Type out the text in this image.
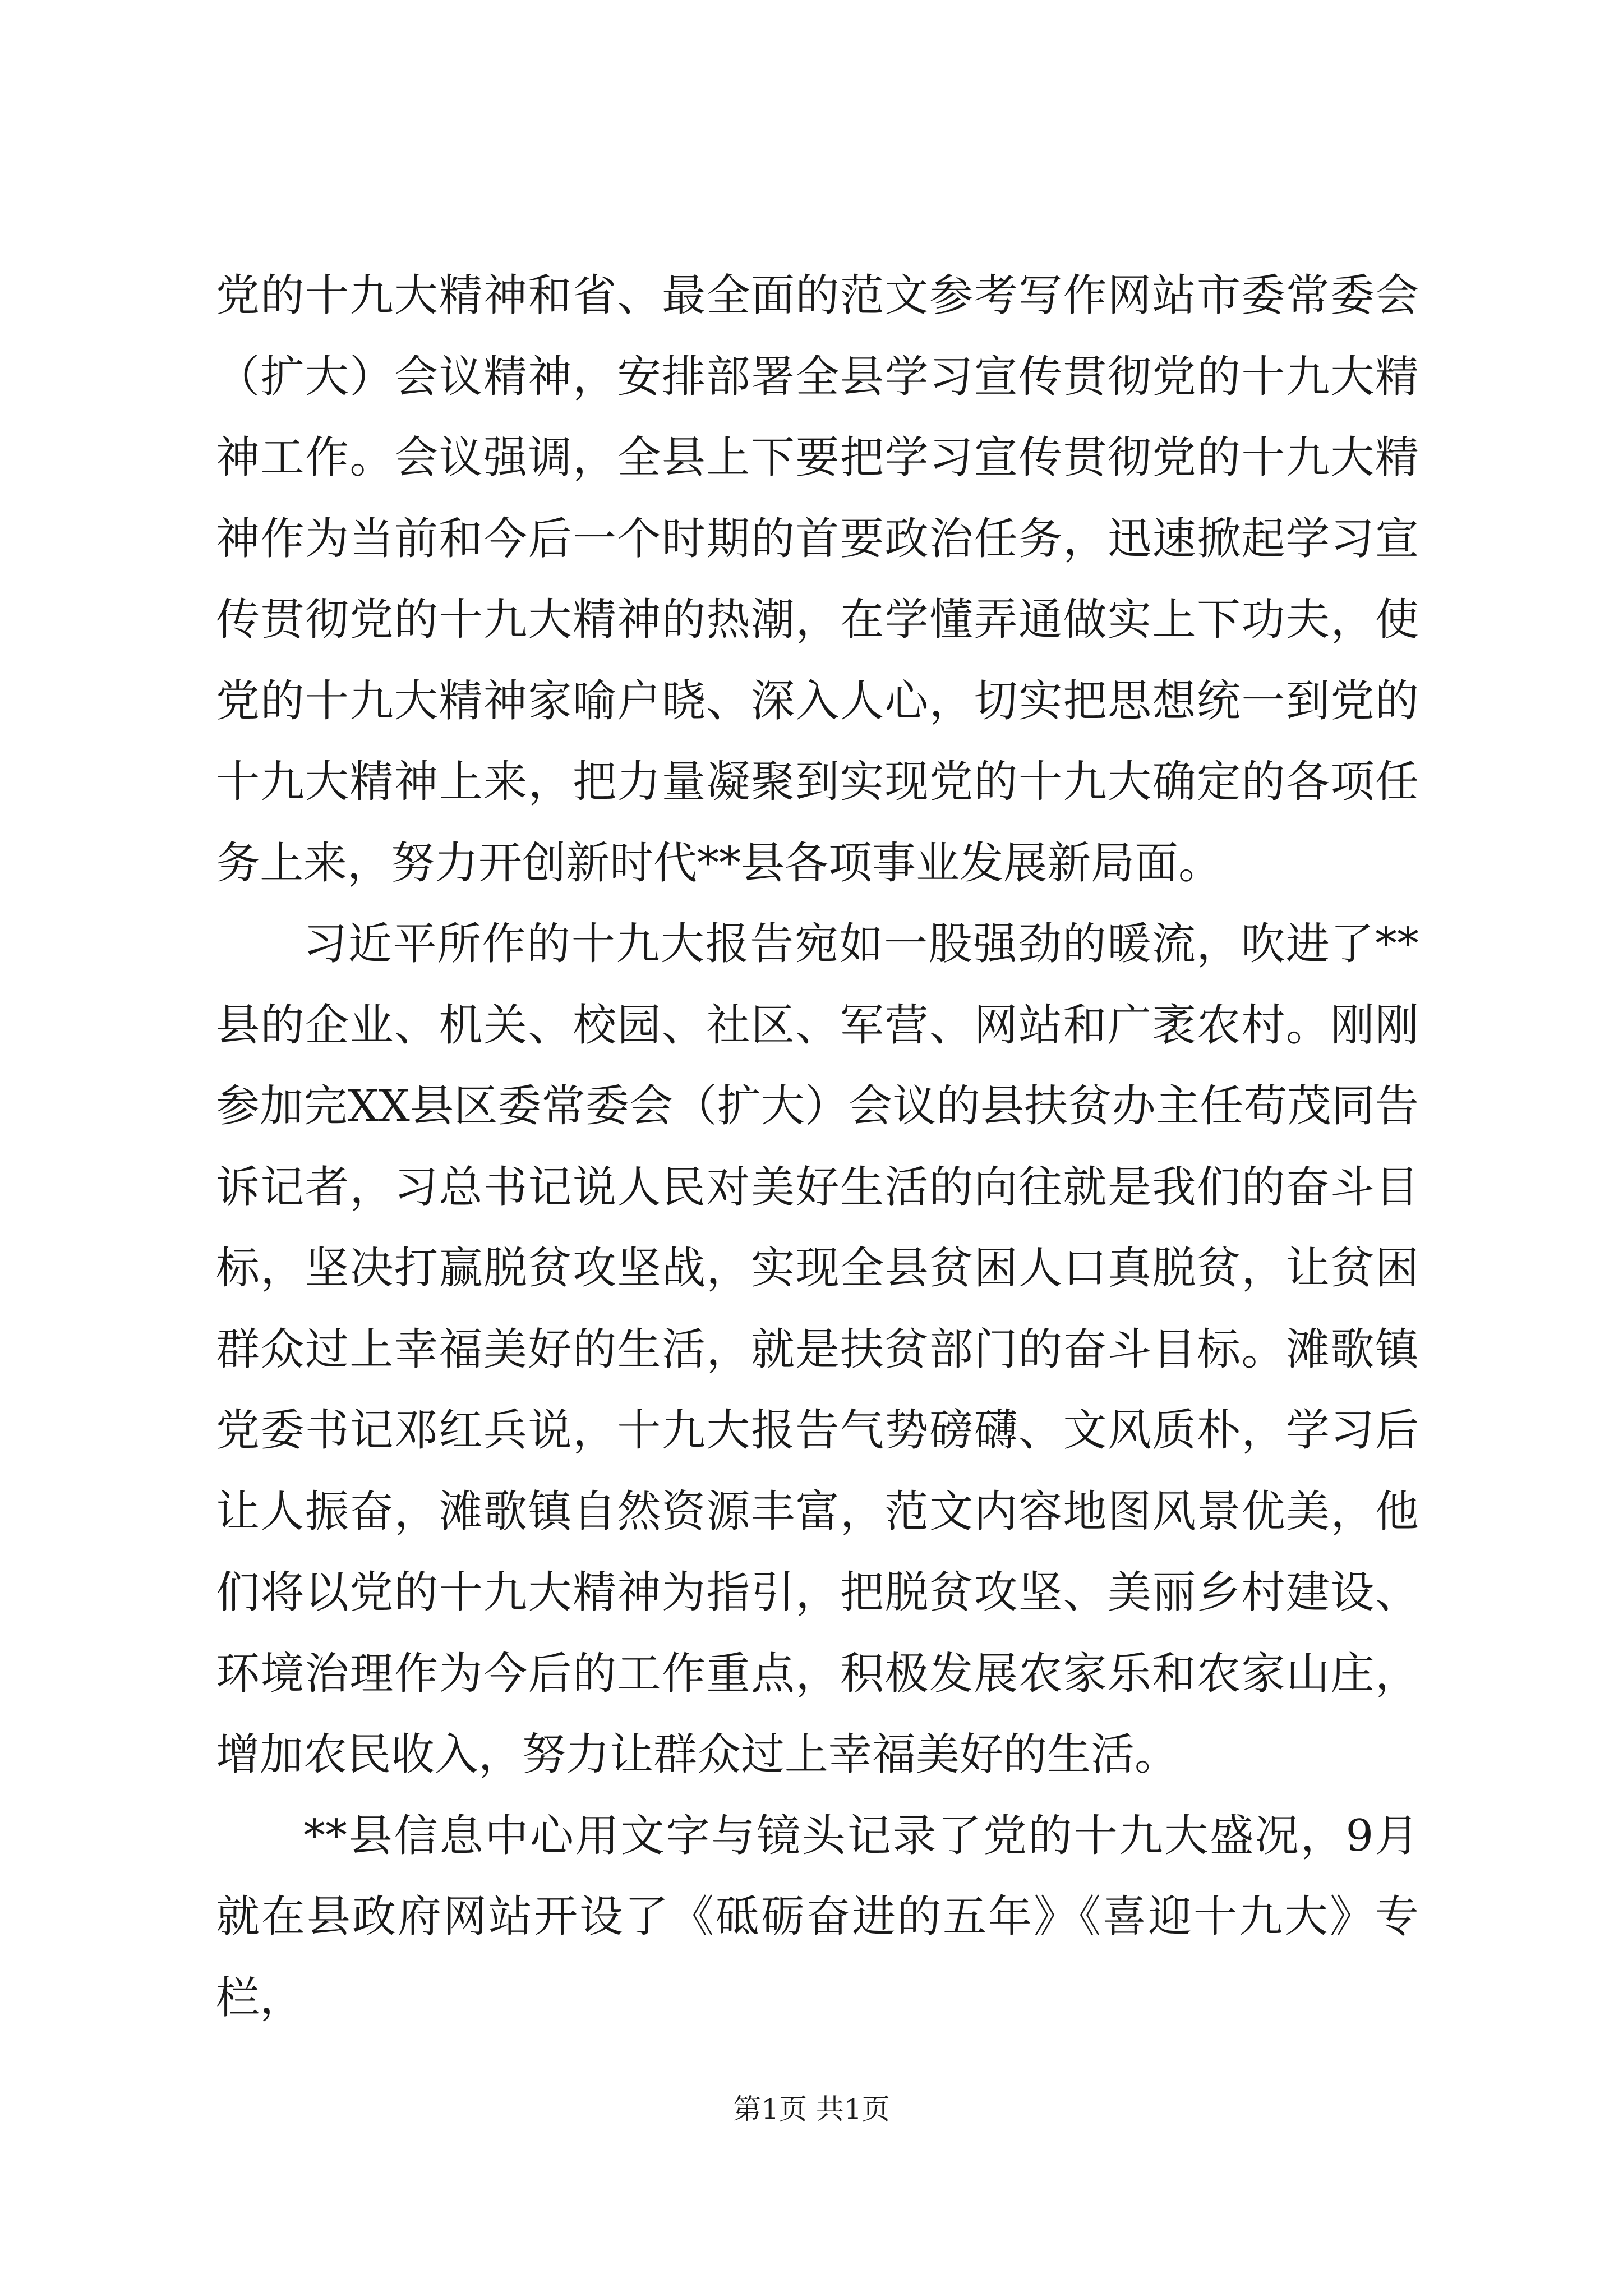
党的十九大精神和省、最全面的范文参考写作网站市委常委会（扩大）会议精神，安排部署全县学习宣传贯彻党的十九大精神工作。会议强调，全县上下要把学习宣传贯彻党的十九大精神作为当前和今后一个时期的首要政治任务，迅速掀起学习宣传贯彻党的十九大精神的热潮，在学懂弄通做实上下功夫，使党的十九大精神家喻户晓、深入人心，切实把思想统一到党的十九大精神上来，把力量凝聚到实现党的十九大确定的各项任务上来，努力开创新时代**县各项事业发展新局面。

习近平所作的十九大报告宛如一股强劲的暖流，吹进了**县的企业、机关、校园、社区、军营、网站和广袤农村。刚刚参加完XX县区委常委会（扩大）会议的县扶贫办主任苟茂同告诉记者，习总书记说人民对美好生活的向往就是我们的奋斗目标，坚决打赢脱贫攻坚战，实现全县贫困人口真脱贫，让贫困群众过上幸福美好的生活，就是扶贫部门的奋斗目标。滩歌镇党委书记邓红兵说，十九大报告气势磅礴、文风质朴，学习后让人振奋，滩歌镇自然资源丰富，范文内容地图风景优美，他们将以党的十九大精神为指引，把脱贫攻坚、美丽乡村建设、环境治理作为今后的工作重点，积极发展农家乐和农家山庄，增加农民收入，努力让群众过上幸福美好的生活。

**县信息中心用文字与镜头记录了党的十九大盛况，9月就在县政府网站开设了《砥砺奋进的五年》《喜迎十九大》专栏，

第1页 共1页
